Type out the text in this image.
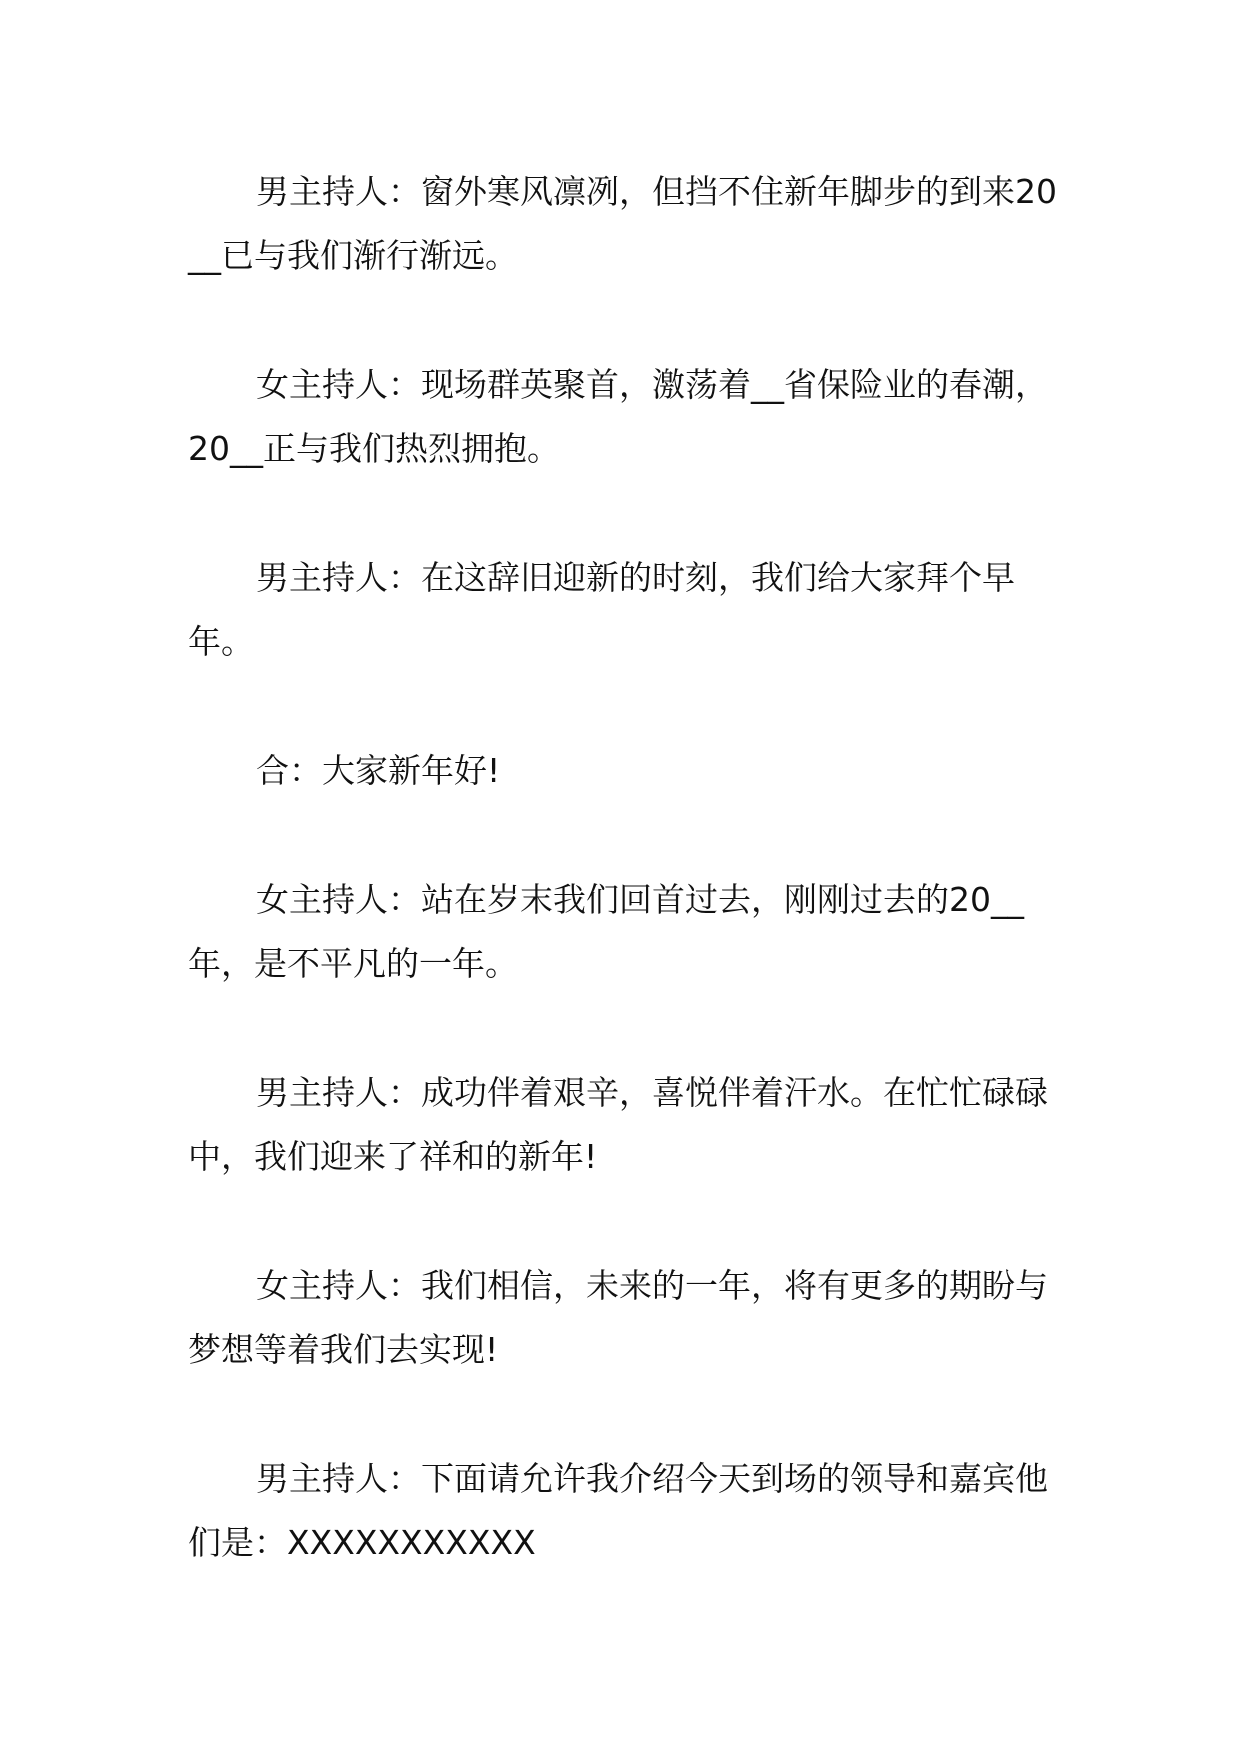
男主持人：窗外寒风凛冽，但挡不住新年脚步的到来20__已与我们渐行渐远。

女主持人：现场群英聚首，激荡着__省保险业的春潮，20__正与我们热烈拥抱。

男主持人：在这辞旧迎新的时刻，我们给大家拜个早年。

合：大家新年好!

女主持人：站在岁末我们回首过去，刚刚过去的20__年，是不平凡的一年。

男主持人：成功伴着艰辛，喜悦伴着汗水。在忙忙碌碌中，我们迎来了祥和的新年!

女主持人：我们相信，未来的一年，将有更多的期盼与梦想等着我们去实现!

男主持人：下面请允许我介绍今天到场的领导和嘉宾他们是：XXXXXXXXXXX
